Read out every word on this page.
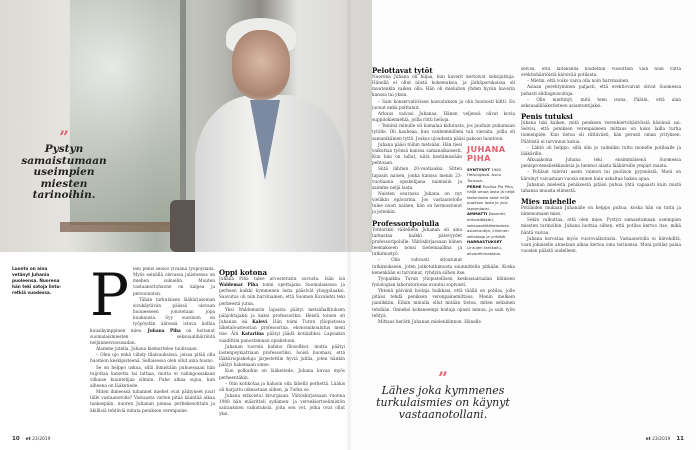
”
Pystyn samaistumaan useimpien miesten tarinoihin.
Luonto on aina vetänyt Juhania puoleensa. Nuorena hän teki satoja lintu-retkiä vuodessa. P ieni penis seisoo ylväänä työpöydällä. Myös seinällä olevassa julisteessa on miehen sukuelin. Muuten vastaanottohuone on kalpea ja persoonaton.

Tähän turkulaisen lääkäriaseman sivukäytävän päässä olevaan huoneeseen jonotetaan jopa kuukausia. Syy suosioon on työpöydän ääressä istuva kolhia kuusikymppinen mies. Juhana Piha on hoitanut suomalaismiesten seksuaalihäiriöitä neljännesvuosisadan.

Alamme jutella. Juhana kiemurtelee tuolissaan.

– Olen ujo enkä viihdy tilaisuuksissa, joissa pitää olla huomion keskipisteenä. Sellaisessa olen ollut aina huono.

Se on helppo uskoa, sillä ihmistään puhuessaan hän tuijottaa katsetta tai lattiaa, mutta ei vahingossakaan vilkaise kuuntelijaa silmiin. Puhe alkaa sujua, kun aiheena on lääketiede.

Miten ihmeessä tuhannet miehet ovat päätyneet juuri tälle vastaanotolle? Vastausta varten pitää kääntää aikaa taaksepäin, nuoren Juhanan pienaa perhekesoittain ja äkillisiä tehtäviä mitata peniksen verenpaine.

Oppi kotona

Juhana Piha tulee arvostetusta suvusta. Isän isä Waldemar Piha toimi opettajana Suomalaisessa ja perheen kaikki kymmenen lasta pääsivät ylioppilaaksi. Saavutus oli niin harvinainen, että Suomen Kuvalehti teki perheestä jutun.

Yksi Waldemarin lapsista päätyi metsähallituksen pääjohtajaksi ja kaksi professoriksi. Heistä toinen oli Juhanan isä Kalevi. Hän toimi Turun yliopistossa liiketalousteorian professorina, ekonomikoulutus meni itse. Äiti Katariina päätyi jäädä kotiäidiksi. Lapsiakin vaadittiin panostamaan opiskeluun.

Juhanan tuorein hahmo filosofikot, mutta päätyi lastenpsykiatriaan professoriksi. Isoisä huomasi, että lääkäriopiskeluja järjestettiin hyviä juhlia, joten hänkin päätyi hakemaan sinne.

Kun polkuihin on lääketiede, Juhana kuvaa myös perheentäkin.

– Olin kotikotaa ja halusin olla lähellä perhettä. Lääkis oli harjattu oikeastaan siihen, ja Turku se.

Juhana erikoistui kirurgiaan. Väitöskirjassaan vuonna 1988 hän määritteli sydämen- ja verenkiertoelimistön sairauksien vaikutuksia, joita sen vot, jotka ovat ollut yksi.

Pelottavat tytöt

Nuorena Juhana oli hiljaa, kun kaverit kertoivat seksijuttuja. Hänellä ei ollut niistä kokemuksia, ja järkäporukoissa oli muutenkin vaikea olla. Hän oli mieluiten yhden hyvän kaverin kanssa tai yksin.

– Sain konservatiivisen kasvatuksen ja olin huonosti kiltti. En juonut enkä polttanut.

Arkuus vaivasi Juhanaa. Hänen veljensä olivat kovia suppilokiemiehiä, joilla riitti heiloja.

– Teininä minulle oli kamalaa kidutusta, jos jouduin puhumaan tytölle. Oli kauheaa, kun vanhemmilleni tuli vieraita, joilla oli samanikäinen tyttö. Joskus ujoudesta pääsi pakoon luontoon.

JUHANA
PIHA
SYNTYNYT 1962 Helsingissä. Asuu Turussa.
PERHE Puoliso Pia Piha, neljä omaa lasta ja neljä lastenlasta sekä neljä puolison lasta ja yksi lapsenlapsi.
AMMATTI Dosentti, erikoislääkäri, seksuaalilääketieteen asiantuntija, kliininen seksologi ja yrittäjä.
HARRASTUKSET Lintujen tarkkailu, akvarellimaalaus.

Juhana pääsi töihin metsään. Hän tiesi vaikuttaa työnsä kanssa samanaikaisesti. Kun hän on tallut, niitä kestämissään pehtoaan.

Siitä lähtien 20-vuotiaaksi. Sitten tapasin naisen, jonka kanssa menin 23-vuotiaana opiskelijana naimisiin ja saimme neljä lasta.

Naisten seurassa Juhana on nyt vieläkin epävarma. Jos vastaanotolle tulee nuori nainen, hän on hermostunut ja jotenkin.

Professoripolulla

Tohtoriksi väitelleen Juhanan oli aina tarkastaa kaikki pätevyydet professoripolulle. Väitöskirjassaan hänen teemakseen nousi tiedemaailma ja tutkimustyö.

– Olin vahvasti sitoutunut tutkimukseen, joten jatkotutkimusta suunnittelin pitkään. Koska kenenkään ei tarvinnut, ryhdyin siihen itse.

Tyopaikka Turun yliopistollisen keskussairaalan kliinisen fysiologian laboratoriossa avautui sopivasti.

Yhtenä päivänä hoitaja huikkasi, että täällä on potilas, jolle pitäisi tehdä peniksen verenpainemittaus. Menin melkein paniikkiin. Eihän minulla ollut mitään tietoa, miten sellainen tehdään. Onneksi kokeneempi hoitaja opasti minua, ja sain työn tehtyä.

Mittaus herätti Juhanan mielenkiinnon. Hänelle

”
Lähes joka kymmenes turkulaismies on käynyt vastaanotollani.

selvisi, että laitoksella hoidettiin vuosittain vain noin viittä erektiohäiriöistä kärsivää potilasta.

– Mietin, että voiko vaiva olla noin harvinainen.

Asiaan perehtyminen paljasti, että erektiovaivat olivat Suomessa pahasti alidiagnosoituja.

– Olin miettinyt, mitä teen isona. Päätin, että alan seksuaalilääketieteen asiantuntijaksi.

Penis tutuksi

Juhana luki kaiken, mitä peniksen verenkiertohäiriöistä käsiinsä sai. Selvisi, että peniksen verenpaineen mittaus on koko lailla turha toimenpide. Kun tietoa oli riittävästi, hän perusti oman yrityksen. Päätöstä ei tarvinnut katua.

– Lähtö oli helppo, sillä olin jo valmiiksi tuttu monelle potilaalle ja lääkärille.

Alkuaikoina Juhana teki ensimmäisenä Suomessa penisproteesileikkauksia ja luennoi alasta lääkäreille ympäri maata.

– Potilaat tulevat usein vaimon tai puolison pyynnöstä. Moni on kärsinyt vaivastaan vuosia ennen kuin uskaltaa hakea apua.

Juhanan mielestä peniksestä pitäisi puhua yhtä vapaasti kuin mistä tahansa muusta elimestä.

Mies miehelle

Potilaiden mukaan Juhanalle on helppo puhua, koska hän on tuttu ja nimenomaan mies.

Sekin vaikuttaa, että olen mies. Pystyn samaistumaan useimpien miesten tarinoihin. Juhana luottaa siihen, että potilas kertoo itse, mikä häntä vaivaa.

Juhana korostaa myös vuorovaikutusta. Vastaanotolla ei kiirehditä, vaan jokaiselle annetaan aikaa kertoa oma tarinansa. Moni potilas palaa vuosien päästä uudelleen.

10 et 23/2019	et 23/2019 11
